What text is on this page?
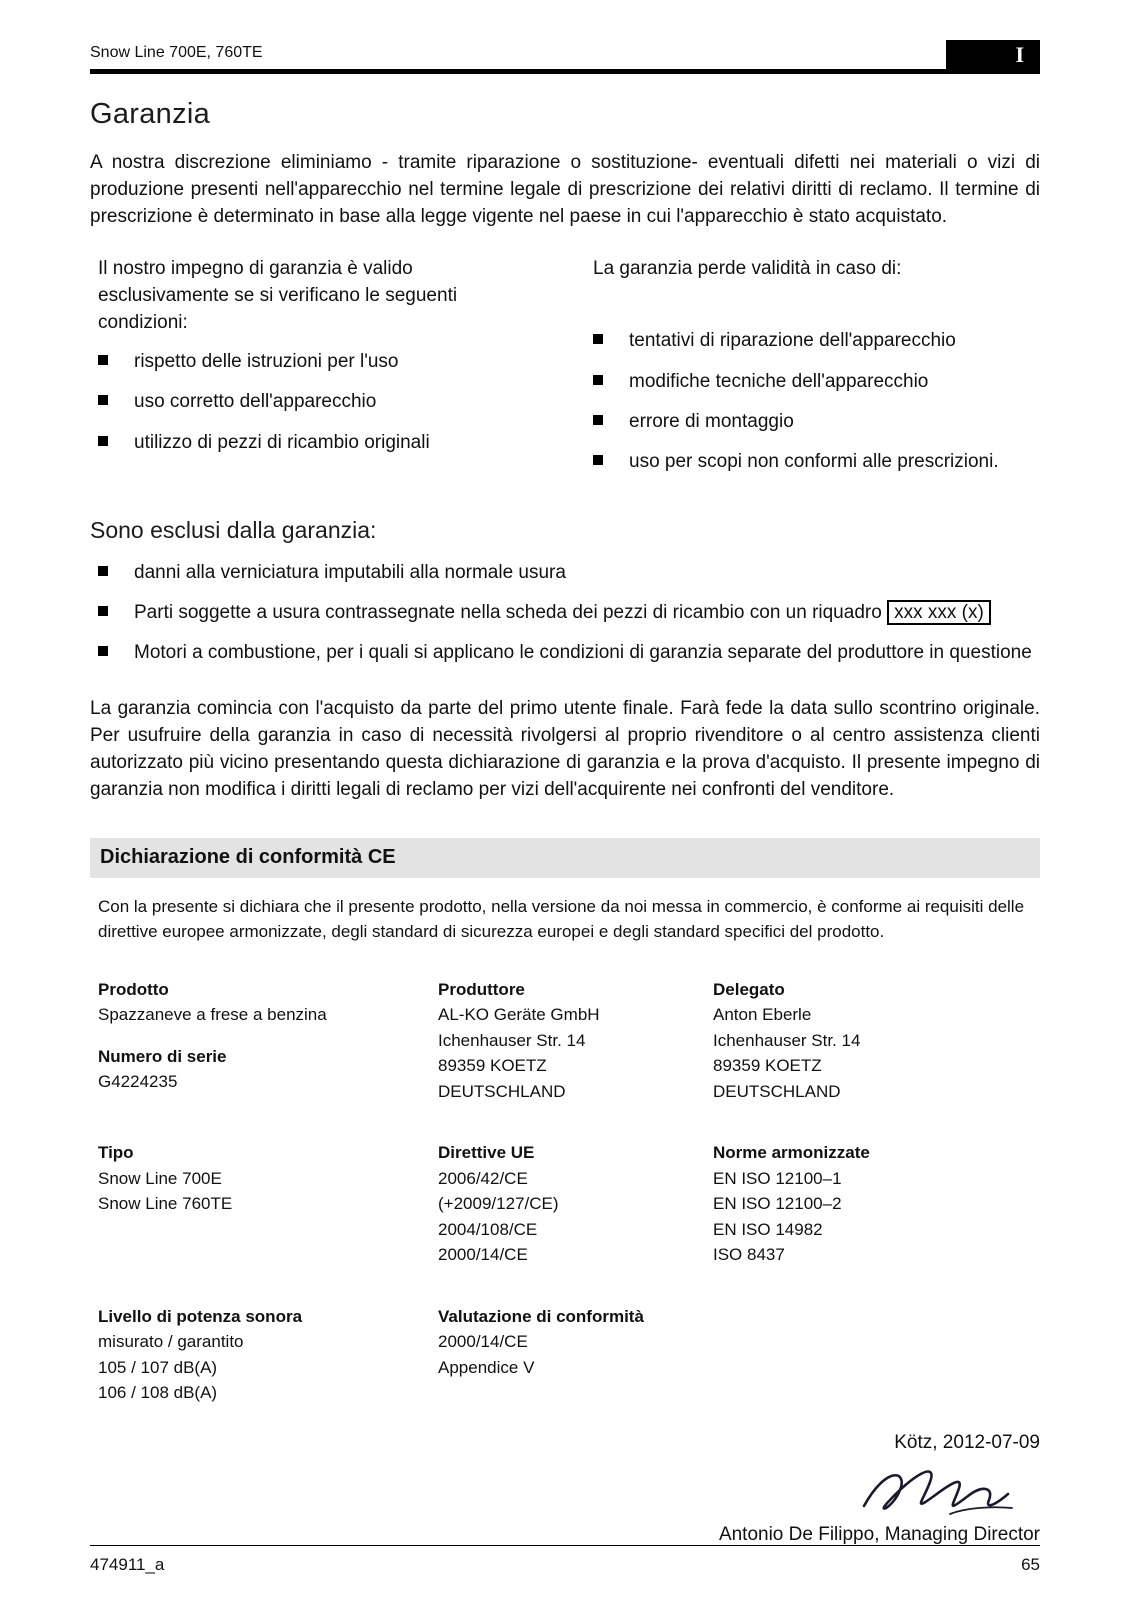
Snow Line 700E, 760TE	I
Garanzia

A nostra discrezione eliminiamo - tramite riparazione o sostituzione- eventuali difetti nei materiali o vizi di produzione presenti nell'apparecchio nel termine legale di prescrizione dei relativi diritti di reclamo. Il termine di prescrizione è determinato in base alla legge vigente nel paese in cui l'apparecchio è stato acquistato.

Il nostro impegno di garanzia è valido esclusivamente se si verificano le seguenti condizioni:
rispetto delle istruzioni per l'uso
uso corretto dell'apparecchio
utilizzo di pezzi di ricambio originali
La garanzia perde validità in caso di:
tentativi di riparazione dell'apparecchio
modifiche tecniche dell'apparecchio
errore di montaggio
uso per scopi non conformi alle prescrizioni.
Sono esclusi dalla garanzia:
danni alla verniciatura imputabili alla normale usura
Parti soggette a usura contrassegnate nella scheda dei pezzi di ricambio con un riquadro xxx xxx (x)
Motori a combustione, per i quali si applicano le condizioni di garanzia separate del produttore in questione

La garanzia comincia con l'acquisto da parte del primo utente finale. Farà fede la data sullo scontrino originale. Per usufruire della garanzia in caso di necessità rivolgersi al proprio rivenditore o al centro assistenza clienti autorizzato più vicino presentando questa dichiarazione di garanzia e la prova d'acquisto. Il presente impegno di garanzia non modifica i diritti legali di reclamo per vizi dell'acquirente nei confronti del venditore.

Dichiarazione di conformità CE

Con la presente si dichiara che il presente prodotto, nella versione da noi messa in commercio, è conforme ai requisiti delle direttive europee armonizzate, degli standard di sicurezza europei e degli standard specifici del prodotto.

Prodotto
Spazzaneve a frese a benzina
Numero di serie
G4224235
Produttore
AL-KO Geräte GmbH
Ichenhauser Str. 14
89359 KOETZ
DEUTSCHLAND
Delegato
Anton Eberle
Ichenhauser Str. 14
89359 KOETZ
DEUTSCHLAND
Tipo
Snow Line 700E
Snow Line 760TE
Direttive UE
2006/42/CE
(+2009/127/CE)
2004/108/CE
2000/14/CE
Norme armonizzate
EN ISO 12100–1
EN ISO 12100–2
EN ISO 14982
ISO 8437
Livello di potenza sonora
misurato / garantito
105 / 107 dB(A)
106 / 108 dB(A)
Valutazione di conformità
2000/14/CE
Appendice V
Kötz, 2012-07-09
Antonio De Filippo, Managing Director
474911_a	65
